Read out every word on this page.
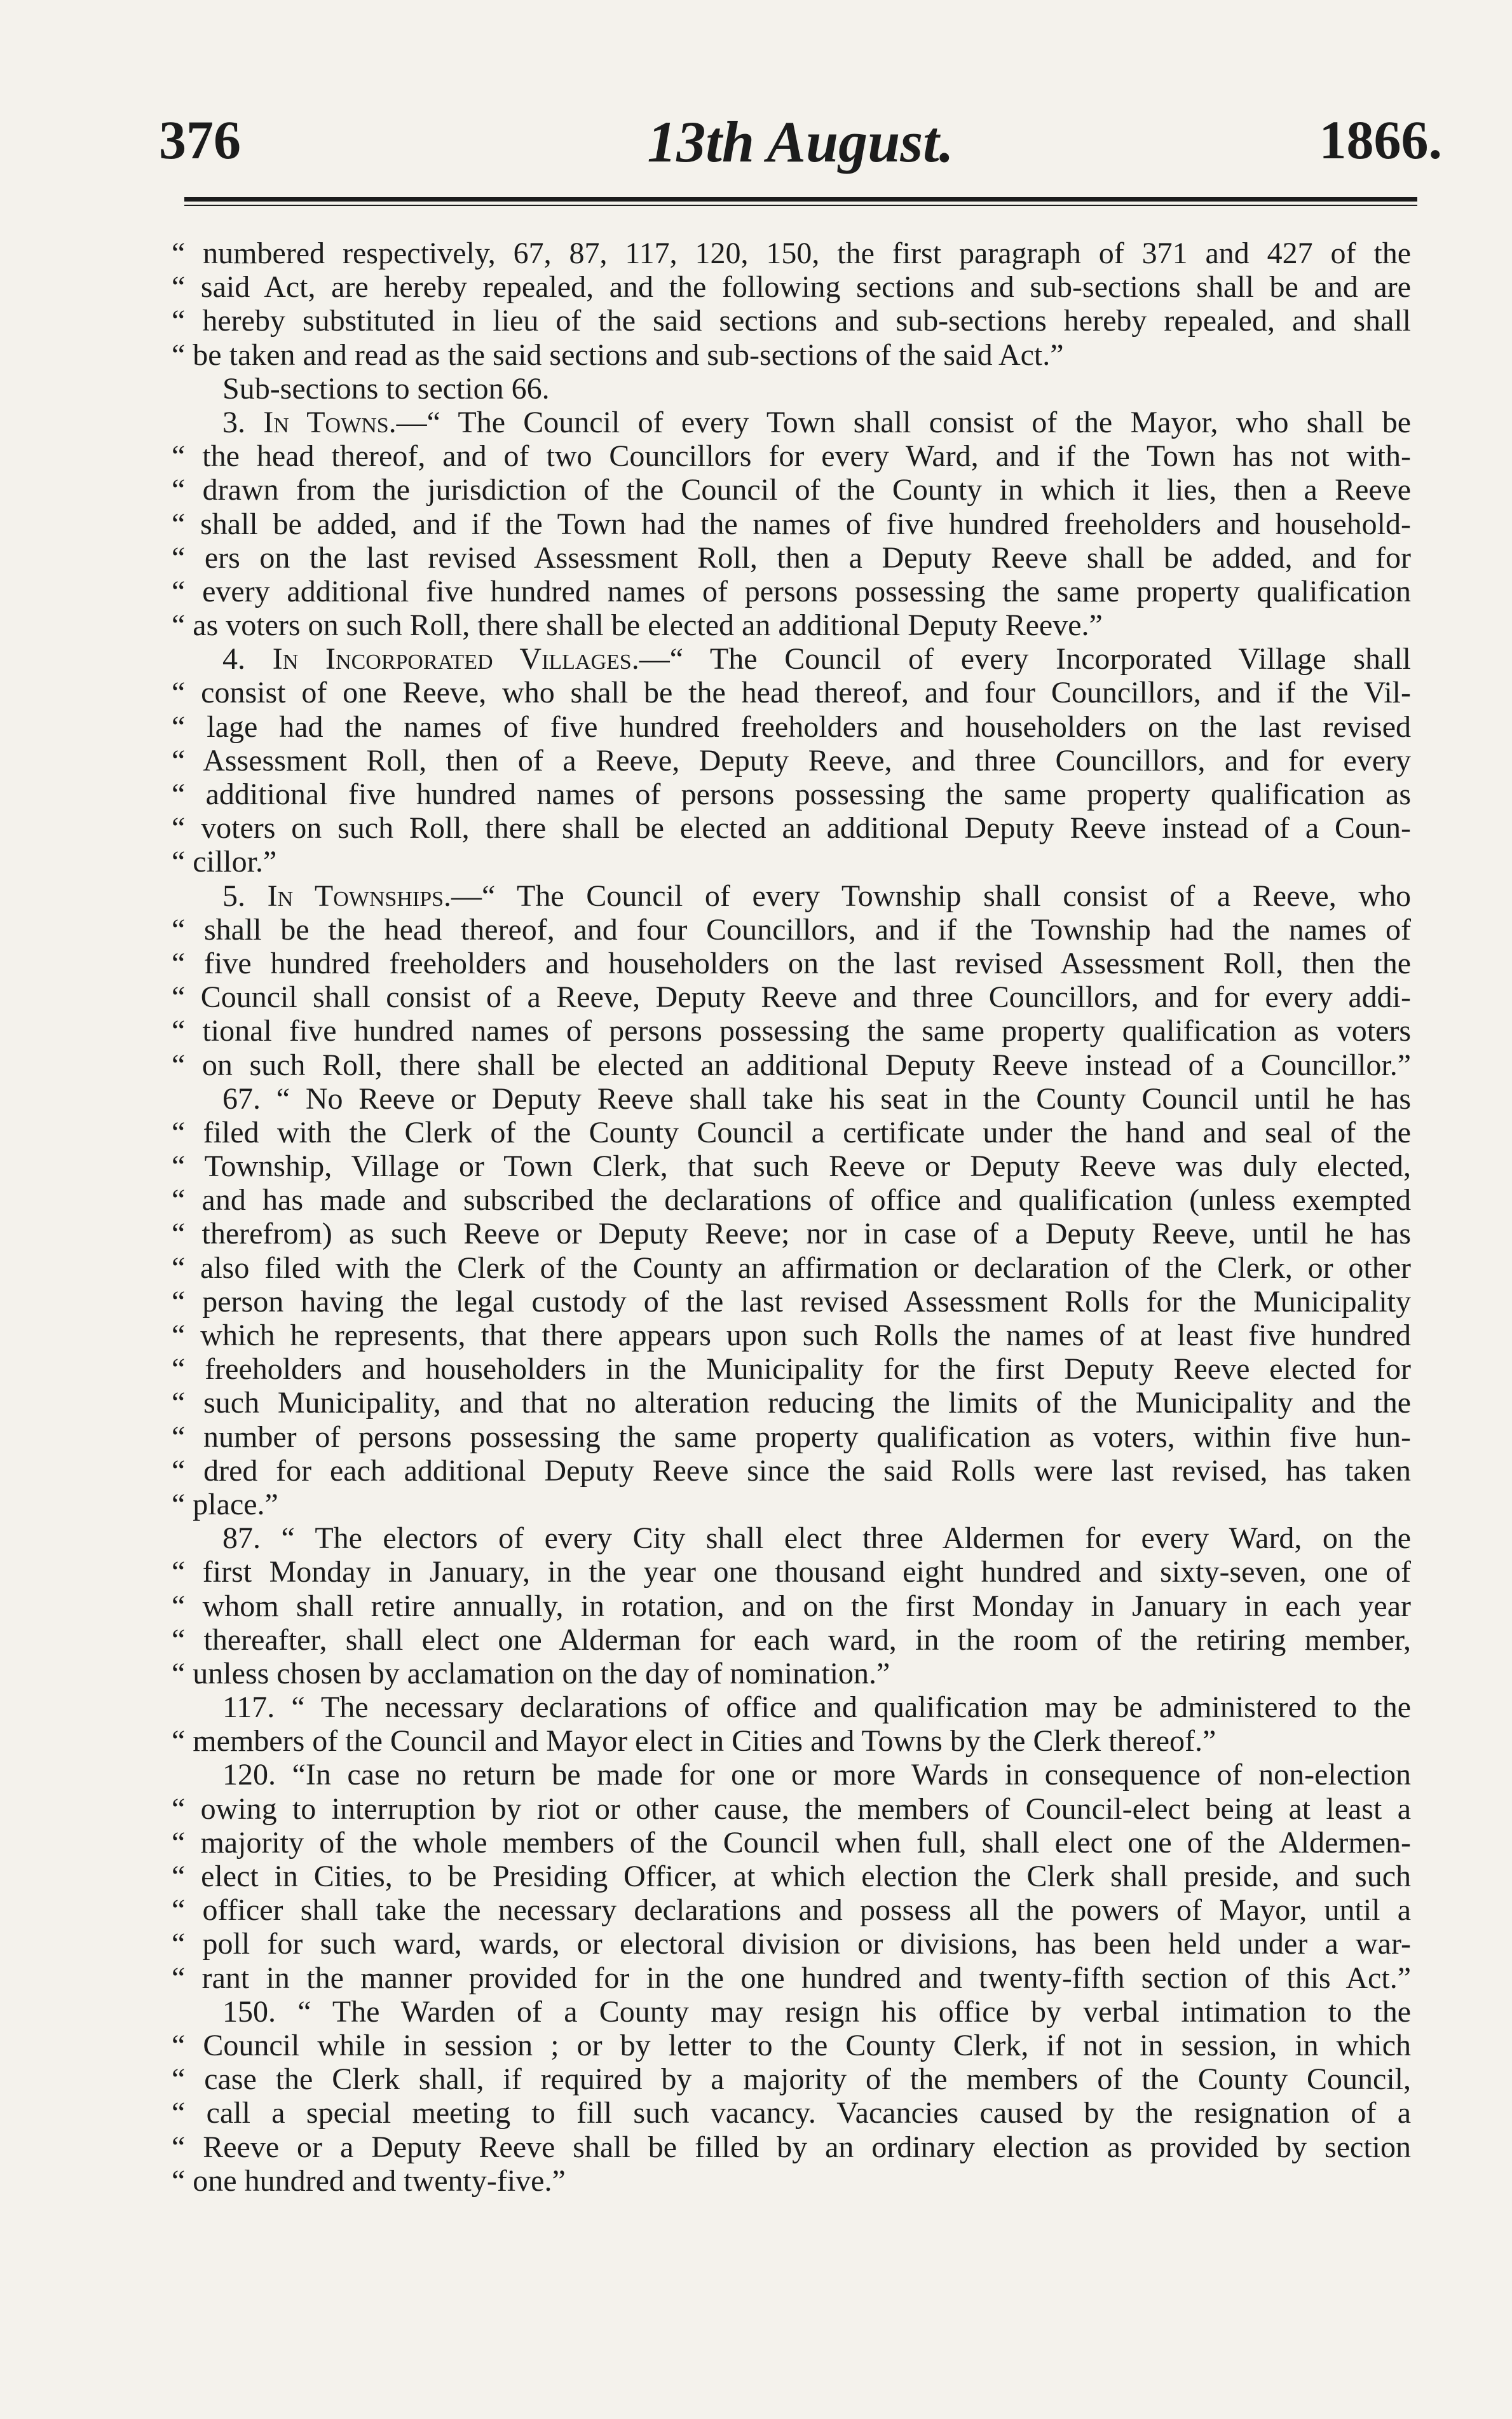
376	13th August.	1866.
“ numbered respectively, 67, 87, 117, 120, 150, the first paragraph of 371 and 427 of the
“ said Act, are hereby repealed, and the following sections and sub-sections shall be and are
“ hereby substituted in lieu of the said sections and sub-sections hereby repealed, and shall
“ be taken and read as the said sections and sub-sections of the said Act.”
Sub-sections to section 66.
3. In Towns.—“ The Council of every Town shall consist of the Mayor, who shall be
“ the head thereof, and of two Councillors for every Ward, and if the Town has not with-
“ drawn from the jurisdiction of the Council of the County in which it lies, then a Reeve
“ shall be added, and if the Town had the names of five hundred freeholders and household-
“ ers on the last revised Assessment Roll, then a Deputy Reeve shall be added, and for
“ every additional five hundred names of persons possessing the same property qualification
“ as voters on such Roll, there shall be elected an additional Deputy Reeve.”
4. In Incorporated Villages.—“ The Council of every Incorporated Village shall
“ consist of one Reeve, who shall be the head thereof, and four Councillors, and if the Vil-
“ lage had the names of five hundred freeholders and householders on the last revised
“ Assessment Roll, then of a Reeve, Deputy Reeve, and three Councillors, and for every
“ additional five hundred names of persons possessing the same property qualification as
“ voters on such Roll, there shall be elected an additional Deputy Reeve instead of a Coun-
“ cillor.”
5. In Townships.—“ The Council of every Township shall consist of a Reeve, who
“ shall be the head thereof, and four Councillors, and if the Township had the names of
“ five hundred freeholders and householders on the last revised Assessment Roll, then the
“ Council shall consist of a Reeve, Deputy Reeve and three Councillors, and for every addi-
“ tional five hundred names of persons possessing the same property qualification as voters
“ on such Roll, there shall be elected an additional Deputy Reeve instead of a Councillor.”
67. “ No Reeve or Deputy Reeve shall take his seat in the County Council until he has
“ filed with the Clerk of the County Council a certificate under the hand and seal of the
“ Township, Village or Town Clerk, that such Reeve or Deputy Reeve was duly elected,
“ and has made and subscribed the declarations of office and qualification (unless exempted
“ therefrom) as such Reeve or Deputy Reeve; nor in case of a Deputy Reeve, until he has
“ also filed with the Clerk of the County an affirmation or declaration of the Clerk, or other
“ person having the legal custody of the last revised Assessment Rolls for the Municipality
“ which he represents, that there appears upon such Rolls the names of at least five hundred
“ freeholders and householders in the Municipality for the first Deputy Reeve elected for
“ such Municipality, and that no alteration reducing the limits of the Municipality and the
“ number of persons possessing the same property qualification as voters, within five hun-
“ dred for each additional Deputy Reeve since the said Rolls were last revised, has taken
“ place.”
87. “ The electors of every City shall elect three Aldermen for every Ward, on the
“ first Monday in January, in the year one thousand eight hundred and sixty-seven, one of
“ whom shall retire annually, in rotation, and on the first Monday in January in each year
“ thereafter, shall elect one Alderman for each ward, in the room of the retiring member,
“ unless chosen by acclamation on the day of nomination.”
117. “ The necessary declarations of office and qualification may be administered to the
“ members of the Council and Mayor elect in Cities and Towns by the Clerk thereof.”
120. “In case no return be made for one or more Wards in consequence of non-election
“ owing to interruption by riot or other cause, the members of Council-elect being at least a
“ majority of the whole members of the Council when full, shall elect one of the Aldermen-
“ elect in Cities, to be Presiding Officer, at which election the Clerk shall preside, and such
“ officer shall take the necessary declarations and possess all the powers of Mayor, until a
“ poll for such ward, wards, or electoral division or divisions, has been held under a war-
“ rant in the manner provided for in the one hundred and twenty-fifth section of this Act.”
150. “ The Warden of a County may resign his office by verbal intimation to the
“ Council while in session ; or by letter to the County Clerk, if not in session, in which
“ case the Clerk shall, if required by a majority of the members of the County Council,
“ call a special meeting to fill such vacancy. Vacancies caused by the resignation of a
“ Reeve or a Deputy Reeve shall be filled by an ordinary election as provided by section
“ one hundred and twenty-five.”
